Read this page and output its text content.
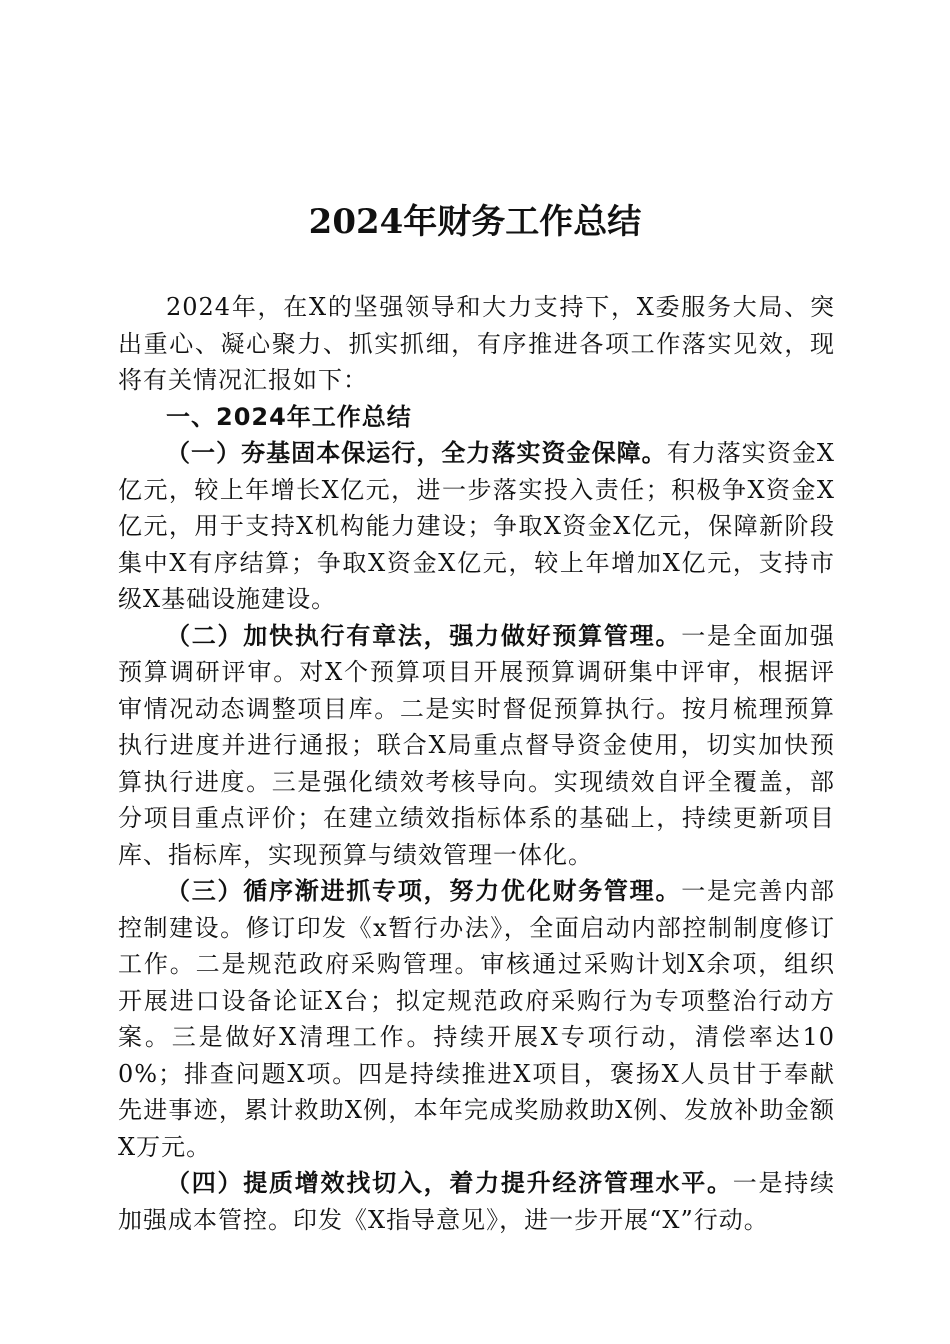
2024年财务工作总结

2024年，在X的坚强领导和大力支持下，X委服务大局、突出重心、凝心聚力、抓实抓细，有序推进各项工作落实见效，现将有关情况汇报如下：

一、2024年工作总结

（一）夯基固本保运行，全力落实资金保障。有力落实资金X亿元，较上年增长X亿元，进一步落实投入责任；积极争X资金X亿元，用于支持X机构能力建设；争取X资金X亿元，保障新阶段集中X有序结算；争取X资金X亿元，较上年增加X亿元，支持市级X基础设施建设。

（二）加快执行有章法，强力做好预算管理。一是全面加强预算调研评审。对X个预算项目开展预算调研集中评审，根据评审情况动态调整项目库。二是实时督促预算执行。按月梳理预算执行进度并进行通报；联合X局重点督导资金使用，切实加快预算执行进度。三是强化绩效考核导向。实现绩效自评全覆盖，部分项目重点评价；在建立绩效指标体系的基础上，持续更新项目库、指标库，实现预算与绩效管理一体化。

（三）循序渐进抓专项，努力优化财务管理。一是完善内部控制建设。修订印发《x暂行办法》，全面启动内部控制制度修订工作。二是规范政府采购管理。审核通过采购计划X余项，组织开展进口设备论证X台；拟定规范政府采购行为专项整治行动方案。三是做好X清理工作。持续开展X专项行动，清偿率达100%；排查问题X项。四是持续推进X项目，褒扬X人员甘于奉献先进事迹，累计救助X例，本年完成奖励救助X例、发放补助金额X万元。

（四）提质增效找切入，着力提升经济管理水平。一是持续加强成本管控。印发《X指导意见》，进一步开展“X”行动。
